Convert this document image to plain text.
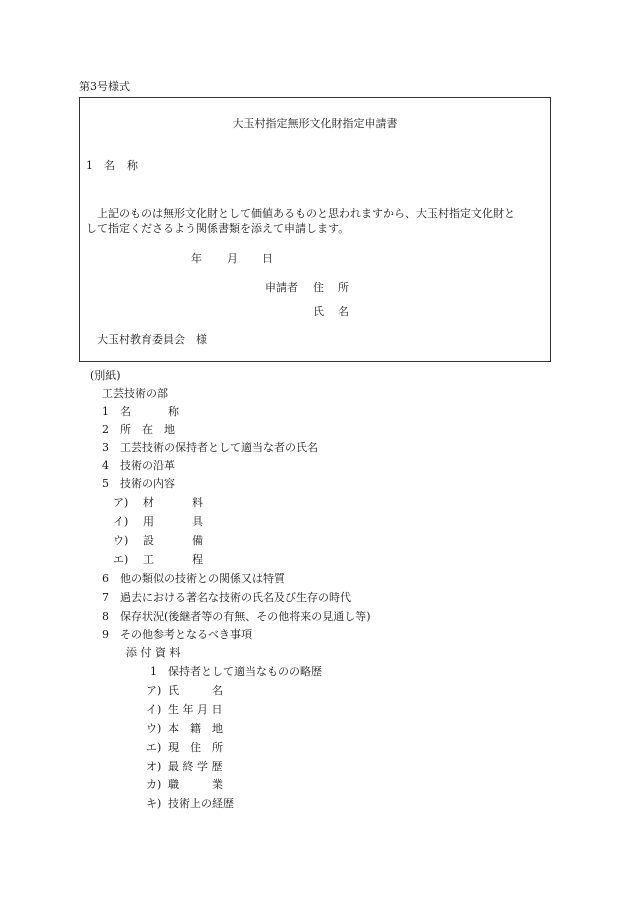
第3号様式
大玉村指定無形文化財指定申請書
1 名 称
上記のものは無形文化財として価値あるものと思われますから、大玉村指定文化財と
して指定くださるよう関係書類を添えて申請します。
年 月 日
申請者 住 所
氏 名
大玉村教育委員会　様
(別紙)
工芸技術の部
1 名	称
2 所　在　地
3 工芸技術の保持者として適当な者の氏名
4 技術の沿革
5 技術の内容
ア) 材	料
イ) 用	具
ウ) 設	備
エ) 工	程
6 他の類似の技術との関係又は特質
7 過去における著名な技術の氏名及び生存の時代
8 保存状況(後継者等の有無、その他将来の見通し等)
9 その他参考となるべき事項
添 付 資 料
1 保持者として適当なものの略歴
ア) 氏　　　名
イ) 生 年 月 日
ウ) 本　籍　地
エ) 現　住　所
オ) 最 終 学 歴
カ) 職　　　業
キ) 技術上の経歴
